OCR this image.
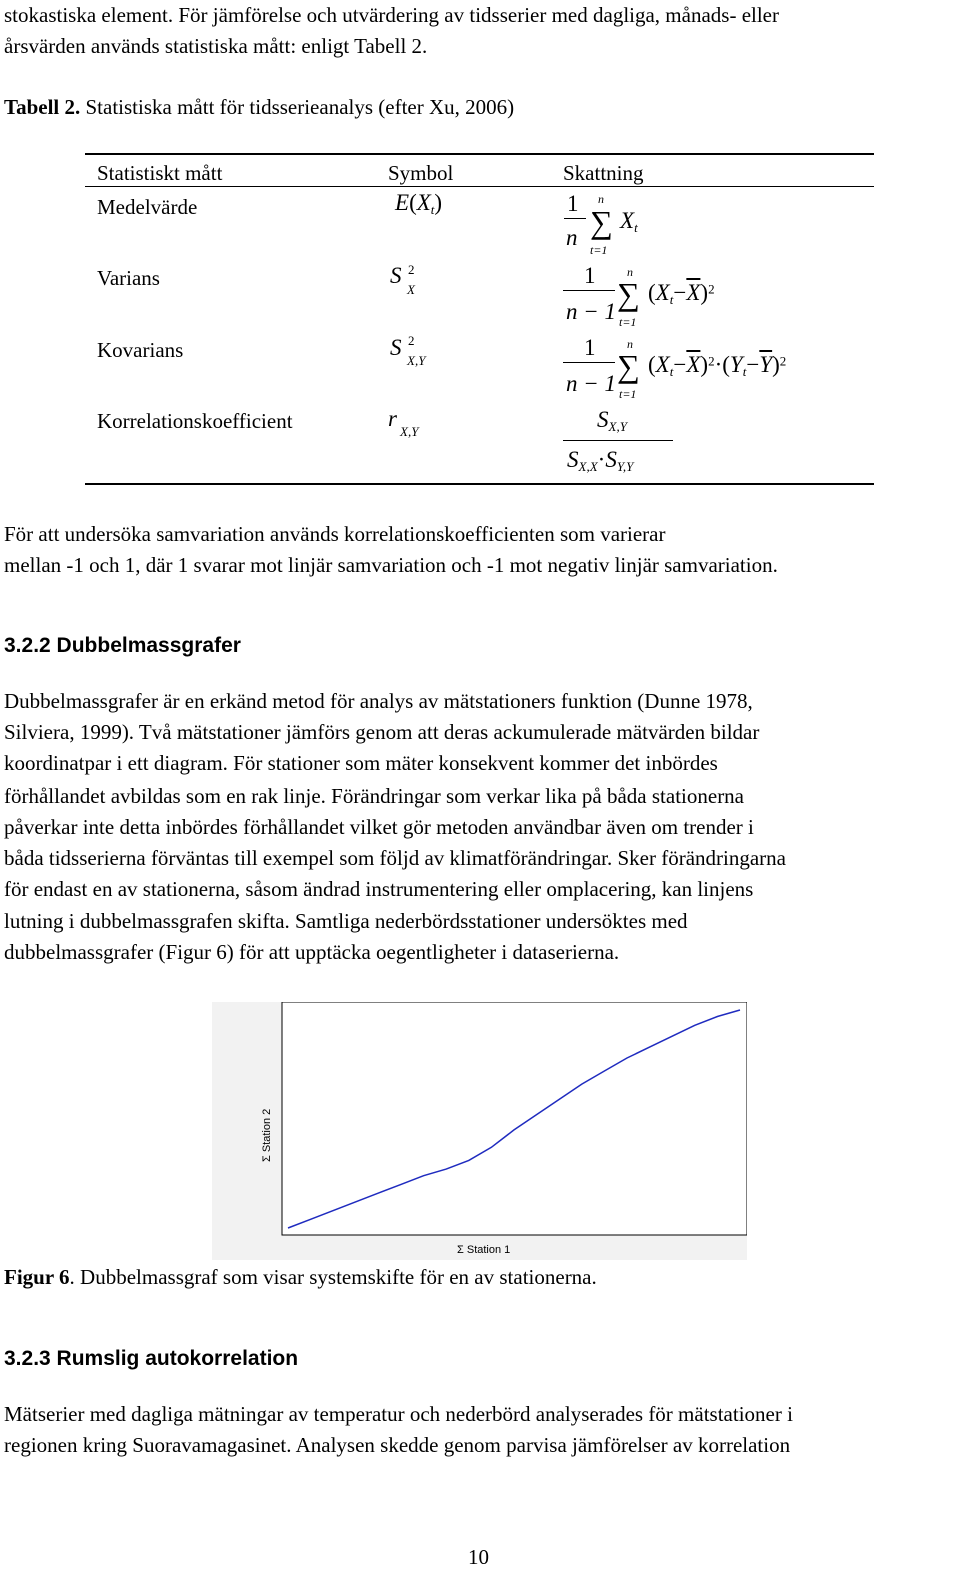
stokastiska element. För jämförelse och utvärdering av tidsserier med dagliga, månads- eller
årsvärden används statistiska mått: enligt Tabell 2.
Tabell 2. Statistiska mått för tidsserieanalys (efter Xu, 2006)
Statistiskt mått	Symbol	Skattning
Medelvärde
Varians
Kovarians
Korrelationskoefficient
$E(X_t)$
S 2
X
S 2
X,Y
r
X,Y
1
n
n
∑
t=1
$X_t$
1
n − 1
n
∑
t=1
$(X_t-\overline{X})^2$
1
n − 1
n
∑
t=1
$(X_t-\overline{X})^2\cdot(Y_t-\overline{Y})^2$
$S_{X,Y}$
$S_{X,X}\cdot S_{Y,Y}$
För att undersöka samvariation används korrelationskoefficienten som varierar
mellan -1 och 1, där 1 svarar mot linjär samvariation och -1 mot negativ linjär samvariation.
3.2.2 Dubbelmassgrafer
Dubbelmassgrafer är en erkänd metod för analys av mätstationers funktion (Dunne 1978,
Silviera, 1999). Två mätstationer jämförs genom att deras ackumulerade mätvärden bildar
koordinatpar i ett diagram. För stationer som mäter konsekvent kommer det inbördes
förhållandet avbildas som en rak linje. Förändringar som verkar lika på båda stationerna
påverkar inte detta inbördes förhållandet vilket gör metoden användbar även om trender i
båda tidsserierna förväntas till exempel som följd av klimatförändringar. Sker förändringarna
för endast en av stationerna, såsom ändrad instrumentering eller omplacering, kan linjens
lutning i dubbelmassgrafen skifta. Samtliga nederbördsstationer undersöktes med
dubbelmassgrafer (Figur 6) för att upptäcka oegentligheter i dataserierna.
Σ Station 2
Σ Station 1
Figur 6. Dubbelmassgraf som visar systemskifte för en av stationerna.
3.2.3 Rumslig autokorrelation
Mätserier med dagliga mätningar av temperatur och nederbörd analyserades för mätstationer i
regionen kring Suoravamagasinet. Analysen skedde genom parvisa jämförelser av korrelation
10
